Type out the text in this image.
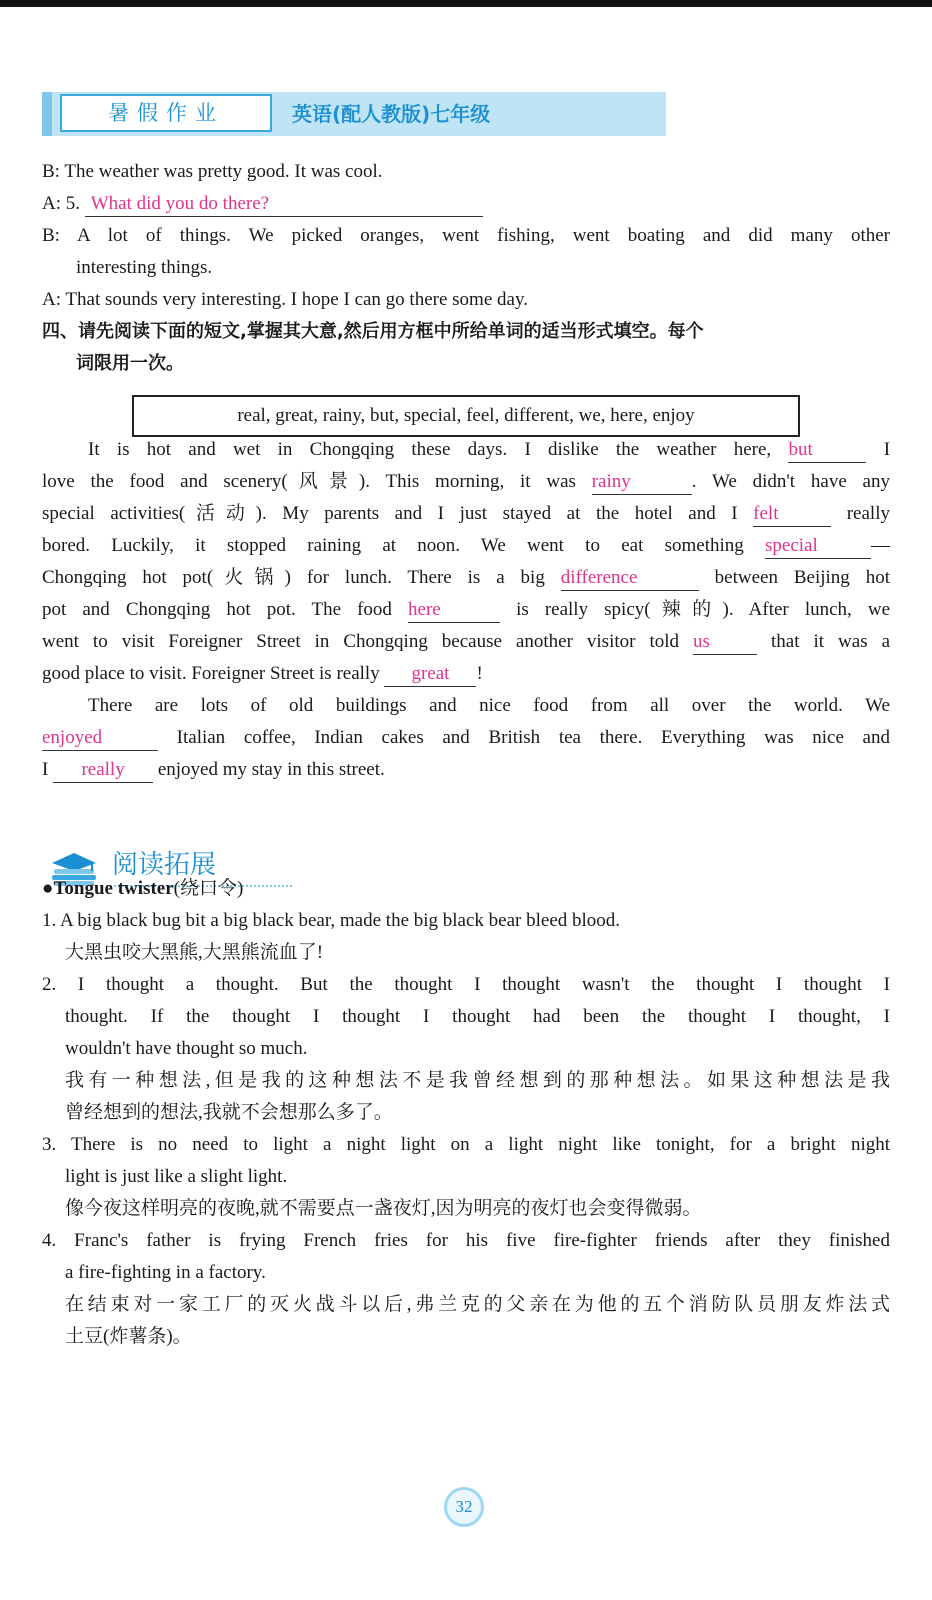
暑假作业	英语(配人教版)七年级
B: The weather was pretty good. It was cool.
A: 5. What did you do there?
B: A lot of things. We picked oranges, went fishing, went boating and did many other
interesting things.
A: That sounds very interesting. I hope I can go there some day.
四、请先阅读下面的短文,掌握其大意,然后用方框中所给单词的适当形式填空。每个
词限用一次。
real, great, rainy, but, special, feel, different, we, here, enjoy
It is hot and wet in Chongqing these days. I dislike the weather here, but	I
love the food and scenery(风景). This morning, it was rainy	. We didn't have any
special activities(活动). My parents and I just stayed at the hotel and I felt	really
bored. Luckily, it stopped raining at noon. We went to eat something special	—
Chongqing hot pot(火锅) for lunch. There is a big difference	between Beijing hot
pot and Chongqing hot pot. The food here	is really spicy(辣的). After lunch, we
went to visit Foreigner Street in Chongqing because another visitor told us	that it was a
good place to visit. Foreigner Street is really great !
There are lots of old buildings and nice food from all over the world. We
enjoyed	Italian coffee, Indian cakes and British tea there. Everything was nice and
I really enjoyed my stay in this street.
阅读拓展
●Tongue twister(绕口令)
1. A big black bug bit a big black bear, made the big black bear bleed blood.
大黑虫咬大黑熊,大黑熊流血了!
2. I thought a thought. But the thought I thought wasn't the thought I thought I
thought. If the thought I thought I thought had been the thought I thought, I
wouldn't have thought so much.
我有一种想法,但是我的这种想法不是我曾经想到的那种想法。如果这种想法是我
曾经想到的想法,我就不会想那么多了。
3. There is no need to light a night light on a light night like tonight, for a bright night
light is just like a slight light.
像今夜这样明亮的夜晚,就不需要点一盏夜灯,因为明亮的夜灯也会变得微弱。
4. Franc's father is frying French fries for his five fire-fighter friends after they finished
a fire-fighting in a factory.
在结束对一家工厂的灭火战斗以后,弗兰克的父亲在为他的五个消防队员朋友炸法式
土豆(炸薯条)。
32
